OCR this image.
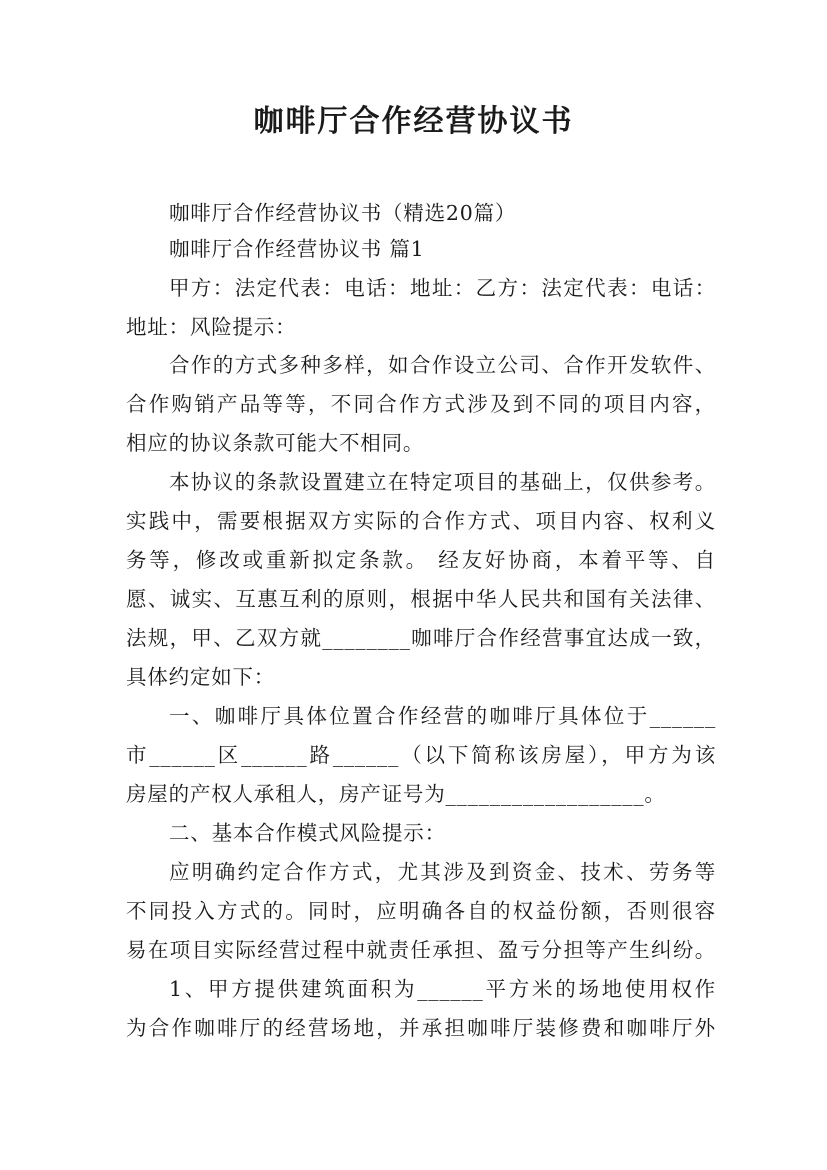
咖啡厅合作经营协议书
咖啡厅合作经营协议书（精选20篇）
咖啡厅合作经营协议书 篇1
甲方：法定代表：电话：地址：乙方：法定代表：电话：
地址：风险提示：
合作的方式多种多样，如合作设立公司、合作开发软件、
合作购销产品等等，不同合作方式涉及到不同的项目内容，
相应的协议条款可能大不相同。
本协议的条款设置建立在特定项目的基础上，仅供参考。
实践中，需要根据双方实际的合作方式、项目内容、权利义
务等，修改或重新拟定条款。 经友好协商，本着平等、自
愿、诚实、互惠互利的原则，根据中华人民共和国有关法律、
法规，甲、乙双方就________咖啡厅合作经营事宜达成一致，
具体约定如下：
一、咖啡厅具体位置合作经营的咖啡厅具体位于______
市______区______路______（以下简称该房屋），甲方为该
房屋的产权人承租人，房产证号为__________________。
二、基本合作模式风险提示：
应明确约定合作方式，尤其涉及到资金、技术、劳务等
不同投入方式的。同时，应明确各自的权益份额，否则很容
易在项目实际经营过程中就责任承担、盈亏分担等产生纠纷。
1、甲方提供建筑面积为______平方米的场地使用权作
为合作咖啡厅的经营场地，并承担咖啡厅装修费和咖啡厅外
